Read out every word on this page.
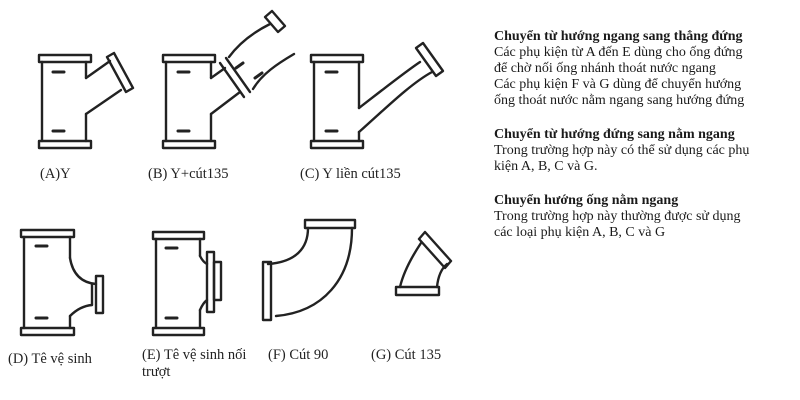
(A)Y	(B) Y+cút135	(C) Y liền cút135
(D) Tê vệ sinh	(E) Tê vệ sinh nối trượt
(F) Cút 90	(G) Cút 135
Chuyển từ hướng ngang sang thẳng đứng

Các phụ kiện từ A đến E dùng cho ống đứng

để chờ nối ống nhánh thoát nước ngang

Các phụ kiện F và G dùng để chuyển hướng

ống thoát nước nằm ngang sang hướng đứng

Chuyển từ hướng đứng sang nằm ngang

Trong trường hợp này có thể sử dụng các phụ

kiện A, B, C và G.

Chuyển hướng ống nằm ngang

Trong trường hợp này thường được sử dụng

các loại phụ kiện A, B, C và G
